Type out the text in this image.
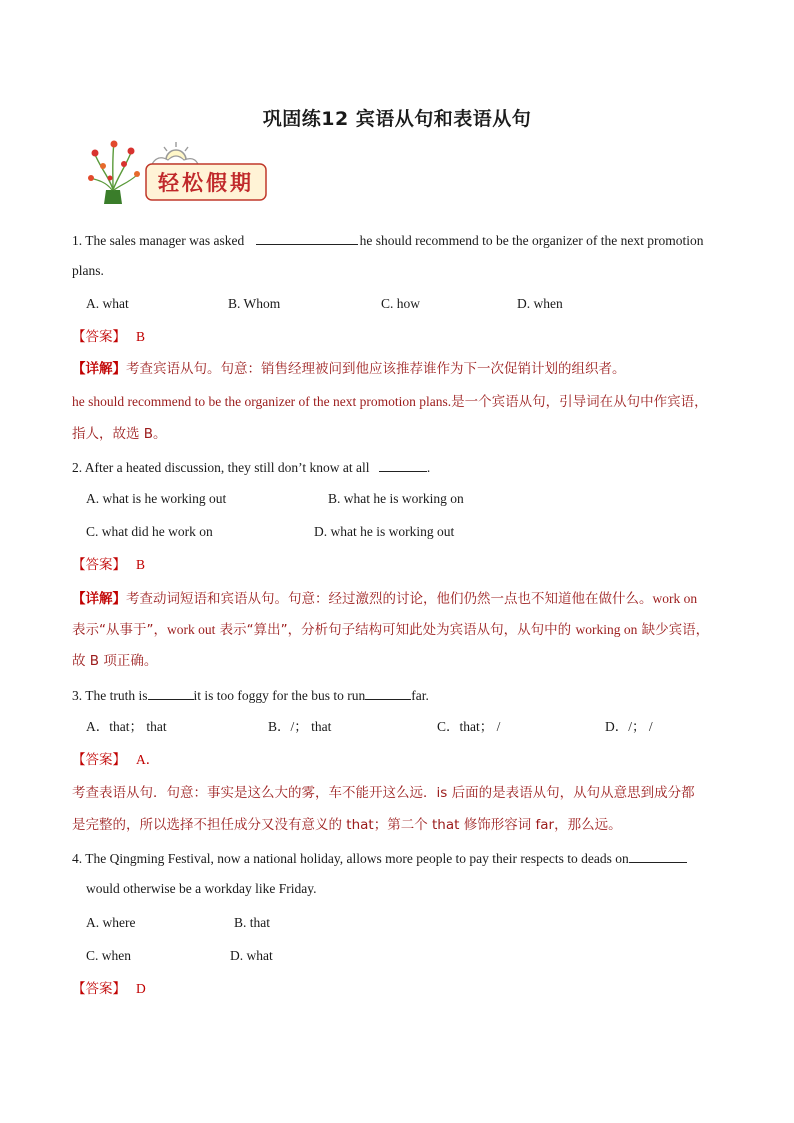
巩固练12 宾语从句和表语从句
轻松假期
1. The sales manager was asked	he should recommend to be the organizer of the next promotion
plans.
A. what	B. Whom	C. how	D. when
【答案】 B
【详解】考查宾语从句。句意：销售经理被问到他应该推荐谁作为下一次促销计划的组织者。
he should recommend to be the organizer of the next promotion plans.是一个宾语从句，引导词在从句中作宾语，
指人，故选 B。
2. After a heated discussion, they still don’t know at all	.
A. what is he working out	B. what he is working on
C. what did he work on	D. what he is working out
【答案】 B
【详解】考查动词短语和宾语从句。句意：经过激烈的讨论，他们仍然一点也不知道他在做什么。work on
表示“从事于”，work out 表示“算出”，分析句子结构可知此处为宾语从句，从句中的 working on 缺少宾语，
故 B 项正确。
3. The truth is	it is too foggy for the bus to run	far.
A．that； that	B．/； that	C．that； /	D．/； /
【答案】 A．
考查表语从句．句意：事实是这么大的雾，车不能开这么远．is 后面的是表语从句，从句从意思到成分都
是完整的，所以选择不担任成分又没有意义的 that；第二个 that 修饰形容词 far，那么远。
4. The Qingming Festival, now a national holiday, allows more people to pay their respects to deads on
would otherwise be a workday like Friday.
A. where	B. that
C. when	D. what
【答案】 D
